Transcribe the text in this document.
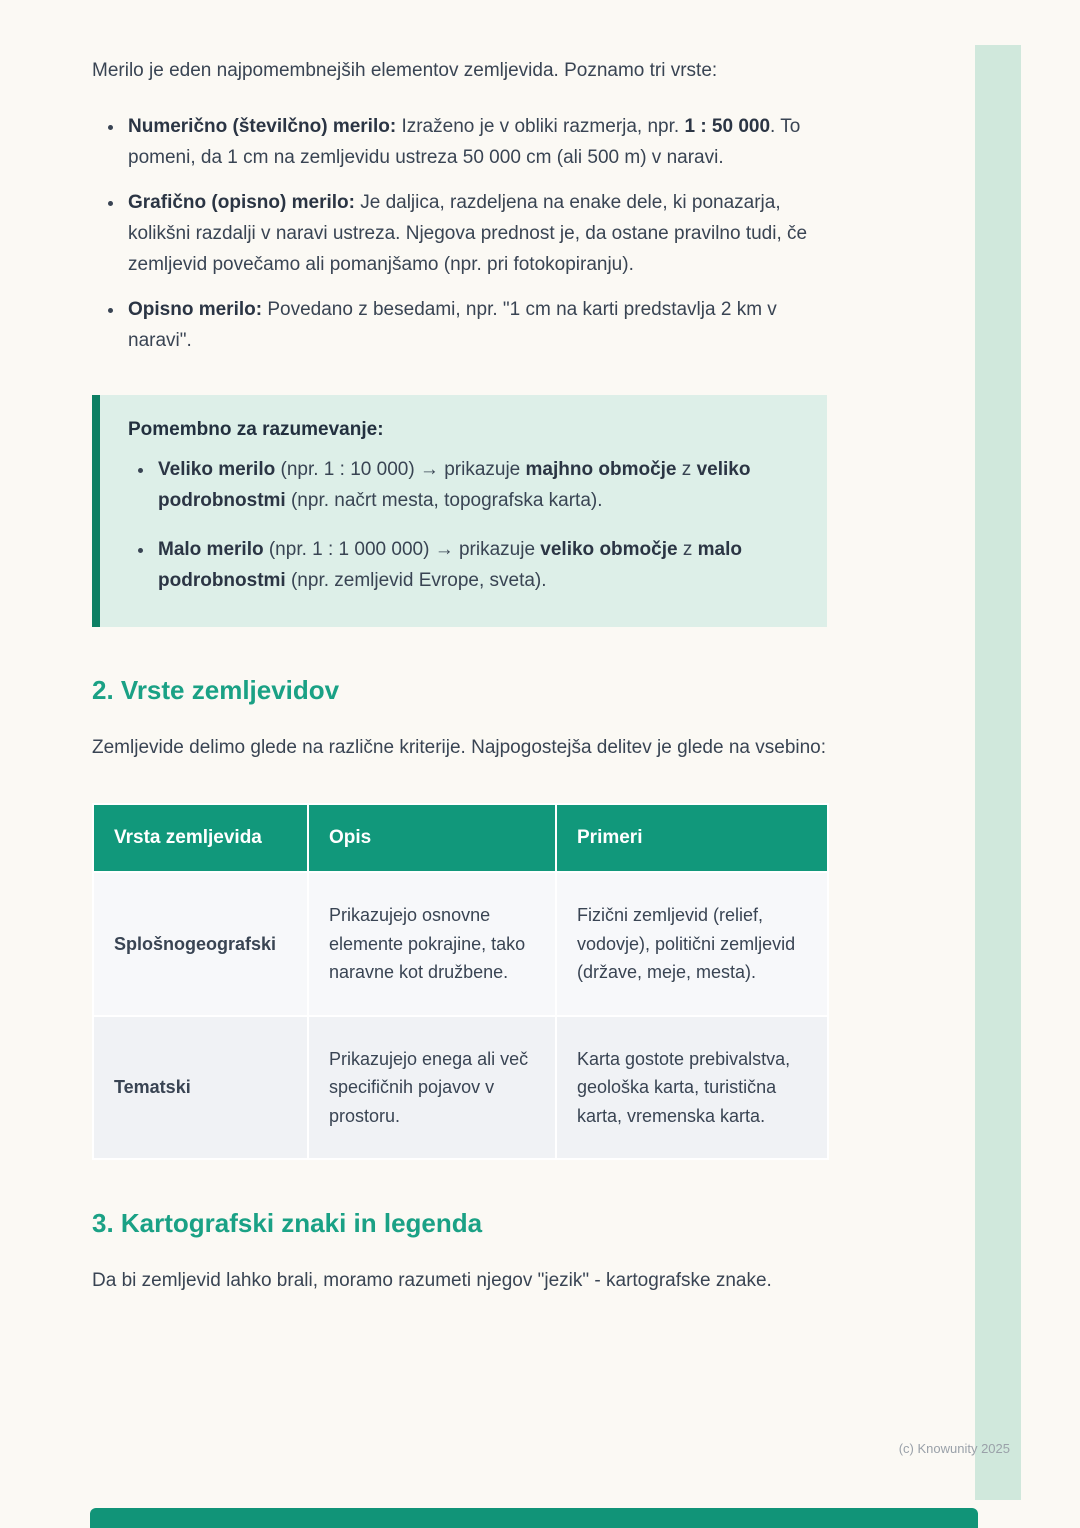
Merilo je eden najpomembnejših elementov zemljevida. Poznamo tri vrste:

• Numerično (številčno) merilo: Izraženo je v obliki razmerja, npr. 1 : 50 000. To pomeni, da 1 cm na zemljevidu ustreza 50 000 cm (ali 500 m) v naravi.
• Grafično (opisno) merilo: Je daljica, razdeljena na enake dele, ki ponazarja, kolikšni razdalji v naravi ustreza. Njegova prednost je, da ostane pravilno tudi, če zemljevid povečamo ali pomanjšamo (npr. pri fotokopiranju).
• Opisno merilo: Povedano z besedami, npr. "1 cm na karti predstavlja 2 km v naravi".
Pomembno za razumevanje:
• Veliko merilo (npr. 1 : 10 000) → prikazuje majhno območje z veliko podrobnostmi (npr. načrt mesta, topografska karta).
• Malo merilo (npr. 1 : 1 000 000) → prikazuje veliko območje z malo podrobnostmi (npr. zemljevid Evrope, sveta).
2. Vrste zemljevidov

Zemljevide delimo glede na različne kriterije. Najpogostejša delitev je glede na vsebino:

Vrsta zemljevida	Opis	Primeri
Splošnogeografski	Prikazujejo osnovne elemente pokrajine, tako naravne kot družbene.	Fizični zemljevid (relief, vodovje), politični zemljevid (države, meje, mesta).
Tematski	Prikazujejo enega ali več specifičnih pojavov v prostoru.	Karta gostote prebivalstva, geološka karta, turistična karta, vremenska karta.
3. Kartografski znaki in legenda

Da bi zemljevid lahko brali, moramo razumeti njegov "jezik" - kartografske znake.

(c) Knowunity 2025
